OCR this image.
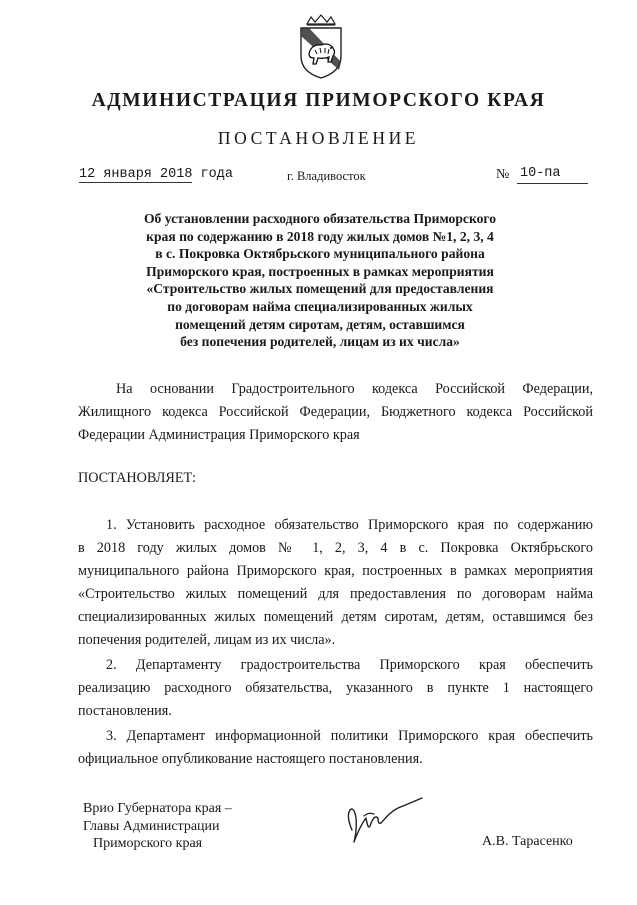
АДМИНИСТРАЦИЯ ПРИМОРСКОГО КРАЯ
ПОСТАНОВЛЕНИЕ
12 января 2018 года	г. Владивосток	№ 10-па
Об установлении расходного обязательства Приморского
края по содержанию в 2018 году жилых домов №1, 2, 3, 4
в с. Покровка Октябрьского муниципального района
Приморского края, построенных в рамках мероприятия
«Строительство жилых помещений для предоставления
по договорам найма специализированных жилых
помещений детям сиротам, детям, оставшимся
без попечения родителей, лицам из их числа»
На основании Градостроительного кодекса Российской Федерации,
Жилищного кодекса Российской Федерации, Бюджетного кодекса Российской
Федерации Администрация Приморского края
ПОСТАНОВЛЯЕТ:
1. Установить расходное обязательство Приморского края по содержанию
в 2018 году жилых домов № 1, 2, 3, 4 в с. Покровка Октябрьского
муниципального района Приморского края, построенных в рамках мероприятия
«Строительство жилых помещений для предоставления по договорам найма
специализированных жилых помещений детям сиротам, детям, оставшимся без
попечения родителей, лицам из их числа».
2. Департаменту градостроительства Приморского края обеспечить
реализацию расходного обязательства, указанного в пункте 1 настоящего
постановления.
3. Департамент информационной политики Приморского края обеспечить
официальное опубликование настоящего постановления.
Врио Губернатора края –
Главы Администрации
Приморского края	А.В. Тарасенко
